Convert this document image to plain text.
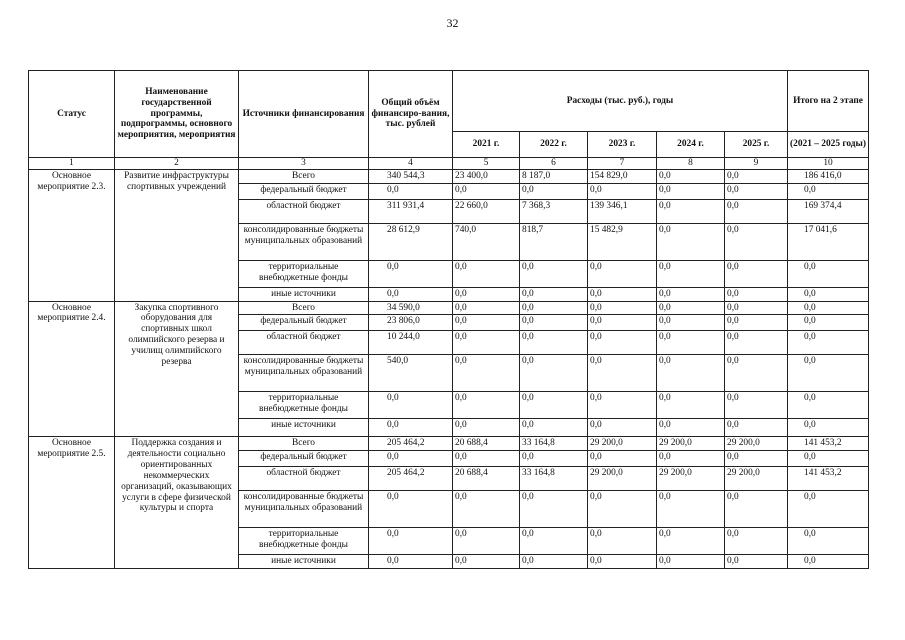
32
Статус	Наименование государственной программы, подпрограммы, основного мероприятия, мероприятия	Источники финансирования	Общий объём финансиро-вания, тыс. рублей	Расходы (тыс. руб.), годы					Итого на 2 этапе
				2021 г.	2022 г.	2023 г.	2024 г.	2025 г.	(2021 – 2025 годы)
1	2	3	4	5	6	7	8	9	10
Основное мероприятие 2.3.	Развитие инфраструктуры спортивных учреждений	Всего	340 544,3	23 400,0	8 187,0	154 829,0	0,0	0,0	186 416,0
		федеральный бюджет	0,0	0,0	0,0	0,0	0,0	0,0	0,0
		областной бюджет	311 931,4	22 660,0	7 368,3	139 346,1	0,0	0,0	169 374,4
		консолидированные бюджеты муниципальных образований	28 612,9	740,0	818,7	15 482,9	0,0	0,0	17 041,6
		территориальные внебюджетные фонды	0,0	0,0	0,0	0,0	0,0	0,0	0,0
		иные источники	0,0	0,0	0,0	0,0	0,0	0,0	0,0
Основное мероприятие 2.4.	Закупка спортивного оборудования для спортивных школ олимпийского резерва и училищ олимпийского резерва	Всего	34 590,0	0,0	0,0	0,0	0,0	0,0	0,0
		федеральный бюджет	23 806,0	0,0	0,0	0,0	0,0	0,0	0,0
		областной бюджет	10 244,0	0,0	0,0	0,0	0,0	0,0	0,0
		консолидированные бюджеты муниципальных образований	540,0	0,0	0,0	0,0	0,0	0,0	0,0
		территориальные внебюджетные фонды	0,0	0,0	0,0	0,0	0,0	0,0	0,0
		иные источники	0,0	0,0	0,0	0,0	0,0	0,0	0,0
Основное мероприятие 2.5.	Поддержка создания и деятельности социально ориентированных некоммерческих организаций, оказывающих услуги в сфере физической культуры и спорта	Всего	205 464,2	20 688,4	33 164,8	29 200,0	29 200,0	29 200,0	141 453,2
		федеральный бюджет	0,0	0,0	0,0	0,0	0,0	0,0	0,0
		областной бюджет	205 464,2	20 688,4	33 164,8	29 200,0	29 200,0	29 200,0	141 453,2
		консолидированные бюджеты муниципальных образований	0,0	0,0	0,0	0,0	0,0	0,0	0,0
		территориальные внебюджетные фонды	0,0	0,0	0,0	0,0	0,0	0,0	0,0
		иные источники	0,0	0,0	0,0	0,0	0,0	0,0	0,0
